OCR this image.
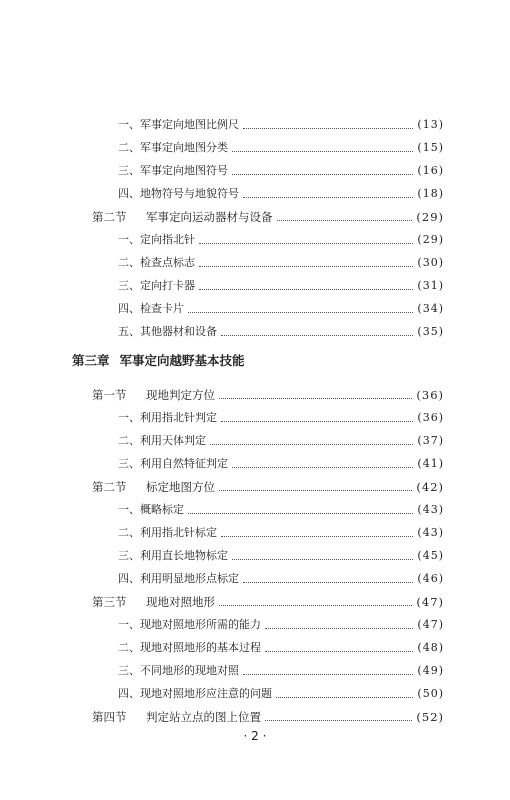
一、军事定向地图比例尺	(13)
二、军事定向地图分类	(15)
三、军事定向地图符号	(16)
四、地物符号与地貌符号	(18)
第二节	军事定向运动器材与设备	(29)
一、定向指北针	(29)
二、检查点标志	(30)
三、定向打卡器	(31)
四、检查卡片	(34)
五、其他器材和设备	(35)
第三章 军事定向越野基本技能
第一节	现地判定方位	(36)
一、利用指北针判定	(36)
二、利用天体判定	(37)
三、利用自然特征判定	(41)
第二节	标定地图方位	(42)
一、概略标定	(43)
二、利用指北针标定	(43)
三、利用直长地物标定	(45)
四、利用明显地形点标定	(46)
第三节	现地对照地形	(47)
一、现地对照地形所需的能力	(47)
二、现地对照地形的基本过程	(48)
三、不同地形的现地对照	(49)
四、现地对照地形应注意的问题	(50)
第四节	判定站立点的图上位置	(52)
· 2 ·
